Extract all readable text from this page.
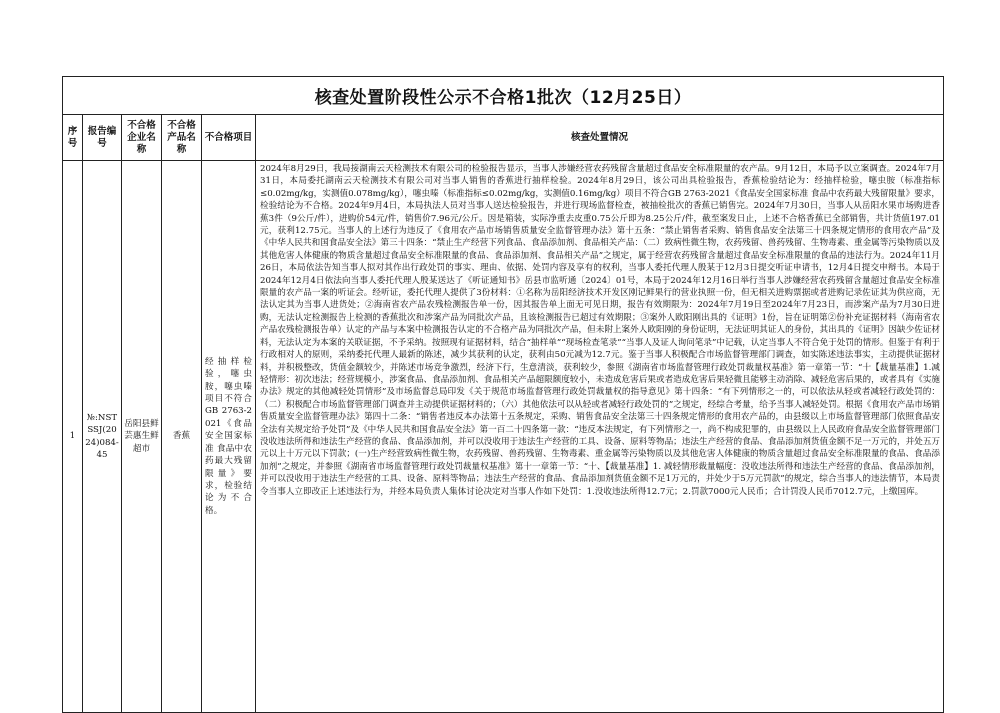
核查处置阶段性公示不合格1批次（12月25日）					
序号	报告编号	不合格企业名称	不合格产品名称	不合格项目	核查处置情况
1	№:NSTSSJ(2024)084-45	岳阳县鲜芸惠生鲜超市	香蕉	经抽样检验，噻虫胺，噻虫嗪项目不符合 GB 2763-2021《食品安全国家标准 食品中农药最大残留限量》要求，检验结论为不合格。	2024年8月29日，我局接湖南云天检测技术有限公司的检验报告显示，当事人涉嫌经营农药残留含量超过食品安全标准限量的农产品。9月12日，本局予以立案调查。2024年7月31日，本局委托湖南云天检测技术有限公司对当事人销售的香蕉进行抽样检验。2024年8月29日，该公司出具检验报告，香蕉检验结论为：经抽样检验，噻虫胺（标准指标≤0.02mg/kg，实测值0.078mg/kg），噻虫嗪（标准指标≤0.02mg/kg，实测值0.16mg/kg）项目不符合GB 2763-2021《食品安全国家标准 食品中农药最大残留限量》要求，检验结论为不合格。2024年9月4日，本局执法人员对当事人送达检验报告，并进行现场监督检查，被抽检批次的香蕉已销售完。2024年7月30日，当事人从岳阳水果市场购进香蕉3件（9公斤/件），进购价54元/件，销售价7.96元/公斤。因是箱装，实际净重去皮重0.75公斤即为8.25公斤/件，截至案发日止，上述不合格香蕉已全部销售，共计货值197.01元，获利12.75元。当事人的上述行为违反了《食用农产品市场销售质量安全监督管理办法》第十五条：“禁止销售者采购、销售食品安全法第三十四条规定情形的食用农产品”及《中华人民共和国食品安全法》第三十四条：“禁止生产经营下列食品、食品添加剂、食品相关产品：（二）致病性微生物，农药残留、兽药残留、生物毒素、重金属等污染物质以及其他危害人体健康的物质含量超过食品安全标准限量的食品、食品添加剂、食品相关产品”之规定，属于经营农药残留含量超过食品安全标准限量的食品的违法行为。2024年11月26日，本局依法告知当事人拟对其作出行政处罚的事实、理由、依据、处罚内容及享有的权利，当事人委托代理人殷某于12月3日提交听证申请书，12月4日提交申辩书。本局于2024年12月4日依法向当事人委托代理人殷某送达了《听证通知书》岳县市监听通〔2024〕01号，本局于2024年12月16日举行当事人涉嫌经营农药残留含量超过食品安全标准限量的农产品一案的听证会。经听证，委托代理人提供了3份材料：①名称为岳阳经济技术开发区刚记鲜果行的营业执照一份，但无相关进购票据或者进购记录佐证其为供应商，无法认定其为当事人进货处；②海南省农产品农残检测报告单一份，因其报告单上面无可见日期，报告有效期限为：2024年7月19日至2024年7月23日，而涉案产品为7月30日进购，无法认定检测报告上检测的香蕉批次和涉案产品为同批次产品，且该检测报告已超过有效期限；③案外人欧阳刚出具的《证明》1份，旨在证明第②份补充证据材料（海南省农产品农残检测报告单）认定的产品与本案中检测报告认定的不合格产品为同批次产品，但未附上案外人欧阳刚的身份证明，无法证明其证人的身份，其出具的《证明》因缺少佐证材料，无法认定为本案的关联证据，不予采纳。按照现有证据材料，结合“抽样单”“现场检查笔录”“当事人及证人询问笔录”中记载，认定当事人不符合免于处罚的情形。但鉴于有利于行政相对人的原则，采纳委托代理人最新的陈述，减少其获利的认定，获利由50元减为12.7元。鉴于当事人积极配合市场监督管理部门调查，如实陈述违法事实，主动提供证据材料，并积极整改，货值金额较少，并陈述市场竞争激烈，经济下行，生意清淡，获利较少，参照《湖南省市场监督管理行政处罚裁量权基准》第一章第一节：“十【裁量基准】1.减轻情形：初次违法；经营规模小，涉案食品、食品添加剂、食品相关产品超限额度较小，未造成危害后果或者造成危害后果轻微且能够主动消除、减轻危害后果的，或者具有《实施办法》规定的其他减轻处罚情形”及市场监督总局印发《关于规范市场监督管理行政处罚裁量权的指导意见》第十四条：“有下列情形之一的，可以依法从轻或者减轻行政处罚的：（二）积极配合市场监督管理部门调查并主动提供证据材料的；（六）其他依法可以从轻或者减轻行政处罚的”之规定，经综合考量，给予当事人减轻处罚。根据《食用农产品市场销售质量安全监督管理办法》第四十二条：“销售者违反本办法第十五条规定，采购、销售食品安全法第三十四条规定情形的食用农产品的，由县级以上市场监督管理部门依照食品安全法有关规定给予处罚”及《中华人民共和国食品安全法》第一百二十四条第一款：“违反本法规定，有下列情形之一，尚不构成犯罪的，由县级以上人民政府食品安全监督管理部门没收违法所得和违法生产经营的食品、食品添加剂，并可以没收用于违法生产经营的工具、设备、原料等物品；违法生产经营的食品、食品添加剂货值金额不足一万元的，并处五万元以上十万元以下罚款；(一)生产经营致病性微生物，农药残留、兽药残留、生物毒素、重金属等污染物质以及其他危害人体健康的物质含量超过食品安全标准限量的食品、食品添加剂”之规定，并参照《湖南省市场监督管理行政处罚裁量权基准》第十一章第一节：“十、【裁量基准】1. 减轻情形裁量幅度：没收违法所得和违法生产经营的食品、食品添加剂，并可以没收用于违法生产经营的工具、设备、原料等物品；违法生产经营的食品、食品添加剂货值金额不足1万元的，并处少于5万元罚款”的规定，综合当事人的违法情节，本局责令当事人立即改正上述违法行为，并经本局负责人集体讨论决定对当事人作如下处罚：1.没收违法所得12.7元；2.罚款7000元人民币；合计罚没人民币7012.7元，上缴国库。
